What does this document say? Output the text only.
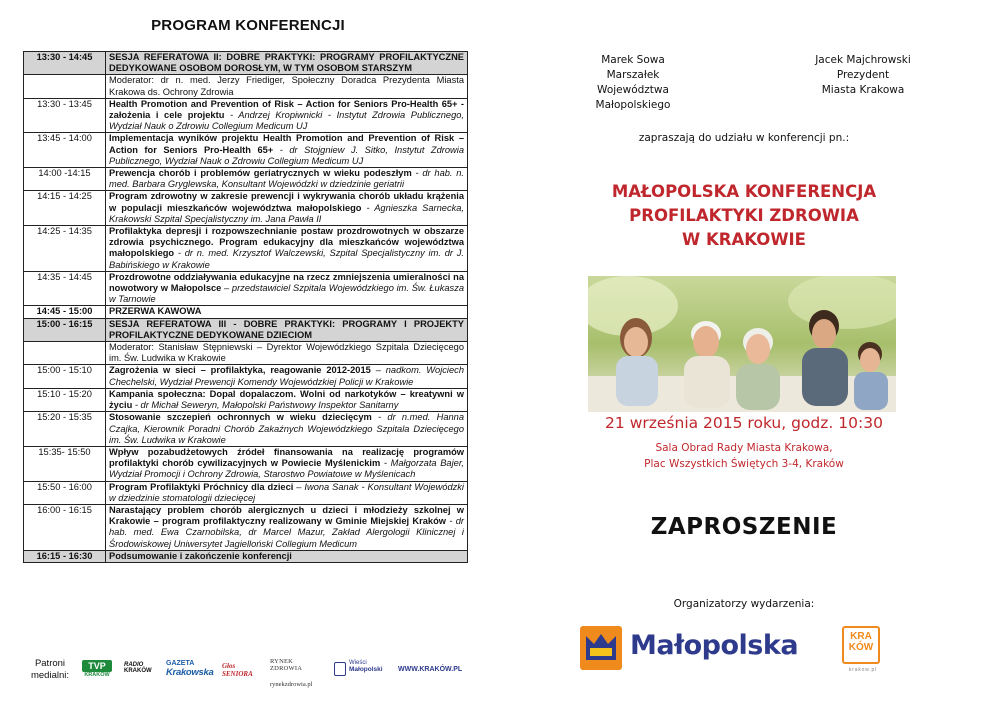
PROGRAM KONFERENCJI
13:30 - 14:45	SESJA REFERATOWA II: DOBRE PRAKTYKI: PROGRAMY PROFILAKTYCZNE DEDYKOWANE OSOBOM DOROSŁYM, W TYM OSOBOM STARSZYM
	Moderator: dr n. med. Jerzy Friediger, Społeczny Doradca Prezydenta Miasta Krakowa ds. Ochrony Zdrowia
13:30 - 13:45	Health Promotion and Prevention of Risk – Action for Seniors Pro-Health 65+ - założenia i cele projektu - Andrzej Kropiwnicki - Instytut Zdrowia Publicznego, Wydział Nauk o Zdrowiu Collegium Medicum UJ
13:45 - 14:00	Implementacja wyników projektu Health Promotion and Prevention of Risk – Action for Seniors Pro-Health 65+ - dr Stojgniew J. Sitko, Instytut Zdrowia Publicznego, Wydział Nauk o Zdrowiu Collegium Medicum UJ
14:00 -14:15	Prewencja chorób i problemów geriatrycznych w wieku podeszłym - dr hab. n. med. Barbara Gryglewska, Konsultant Wojewódzki w dziedzinie geriatrii
14:15 - 14:25	Program zdrowotny w zakresie prewencji i wykrywania chorób układu krążenia w populacji mieszkańców województwa małopolskiego - Agnieszka Sarnecka, Krakowski Szpital Specjalistyczny im. Jana Pawła II
14:25 - 14:35	Profilaktyka depresji i rozpowszechnianie postaw prozdrowotnych w obszarze zdrowia psychicznego. Program edukacyjny dla mieszkańców województwa małopolskiego - dr n. med. Krzysztof Walczewski, Szpital Specjalistyczny im. dr J. Babińskiego w Krakowie
14:35 - 14:45	Prozdrowotne oddziaływania edukacyjne na rzecz zmniejszenia umieralności na nowotwory w Małopolsce – przedstawiciel Szpitala Wojewódzkiego im. Św. Łukasza w Tarnowie
14:45 - 15:00	PRZERWA KAWOWA
15:00 - 16:15	SESJA REFERATOWA III - DOBRE PRAKTYKI: PROGRAMY I PROJEKTY PROFILAKTYCZNE DEDYKOWANE DZIECIOM
	Moderator: Stanisław Stępniewski – Dyrektor Wojewódzkiego Szpitala Dziecięcego im. Św. Ludwika w Krakowie
15:00 - 15:10	Zagrożenia w sieci – profilaktyka, reagowanie 2012-2015 – nadkom. Wojciech Chechelski, Wydział Prewencji Komendy Wojewódzkiej Policji w Krakowie
15:10 - 15:20	Kampania społeczna: Dopal dopalaczom. Wolni od narkotyków – kreatywni w życiu - dr Michał Seweryn, Małopolski Państwowy Inspektor Sanitarny
15:20 - 15:35	Stosowanie szczepień ochronnych w wieku dziecięcym - dr n.med. Hanna Czajka, Kierownik Poradni Chorób Zakaźnych Wojewódzkiego Szpitala Dziecięcego im. Św. Ludwika w Krakowie
15:35- 15:50	Wpływ pozabudżetowych źródeł finansowania na realizację programów profilaktyki chorób cywilizacyjnych w Powiecie Myślenickim - Małgorzata Bajer, Wydział Promocji i Ochrony Zdrowia, Starostwo Powiatowe w Myślenicach
15:50 - 16:00	Program Profilaktyki Próchnicy dla dzieci – Iwona Sanak - Konsultant Wojewódzki w dziedzinie stomatologii dziecięcej
16:00 - 16:15	Narastający problem chorób alergicznych u dzieci i młodzieży szkolnej w Krakowie – program profilaktyczny realizowany w Gminie Miejskiej Kraków - dr hab. med. Ewa Czarnobilska, dr Marcel Mazur, Zakład Alergologii Klinicznej i Środowiskowej Uniwersytet Jagielloński Collegium Medicum
16:15 - 16:30	Podsumowanie i zakończenie konferencji
Patroni medialni:
TVP
KRAKÓW
RADIO
KRAKÓW
GAZETA
Krakowska
Głos SENIORA
RYNEK ZDROWIA
rynekzdrowia.pl
Wieści
Małopolski	WWW.KRAKÓW.PL
Marek Sowa
Marszałek
Województwa Małopolskiego
Jacek Majchrowski
Prezydent
Miasta Krakowa
zapraszają do udziału w konferencji pn.:
MAŁOPOLSKA KONFERENCJA
PROFILAKTYKI ZDROWIA
W KRAKOWIE
21 września 2015 roku, godz. 10:30
Sala Obrad Rady Miasta Krakowa,
Plac Wszystkich Świętych 3-4, Kraków
ZAPROSZENIE
Organizatorzy wydarzenia:
Małopolska	KRA
KÓW
krakow.pl
